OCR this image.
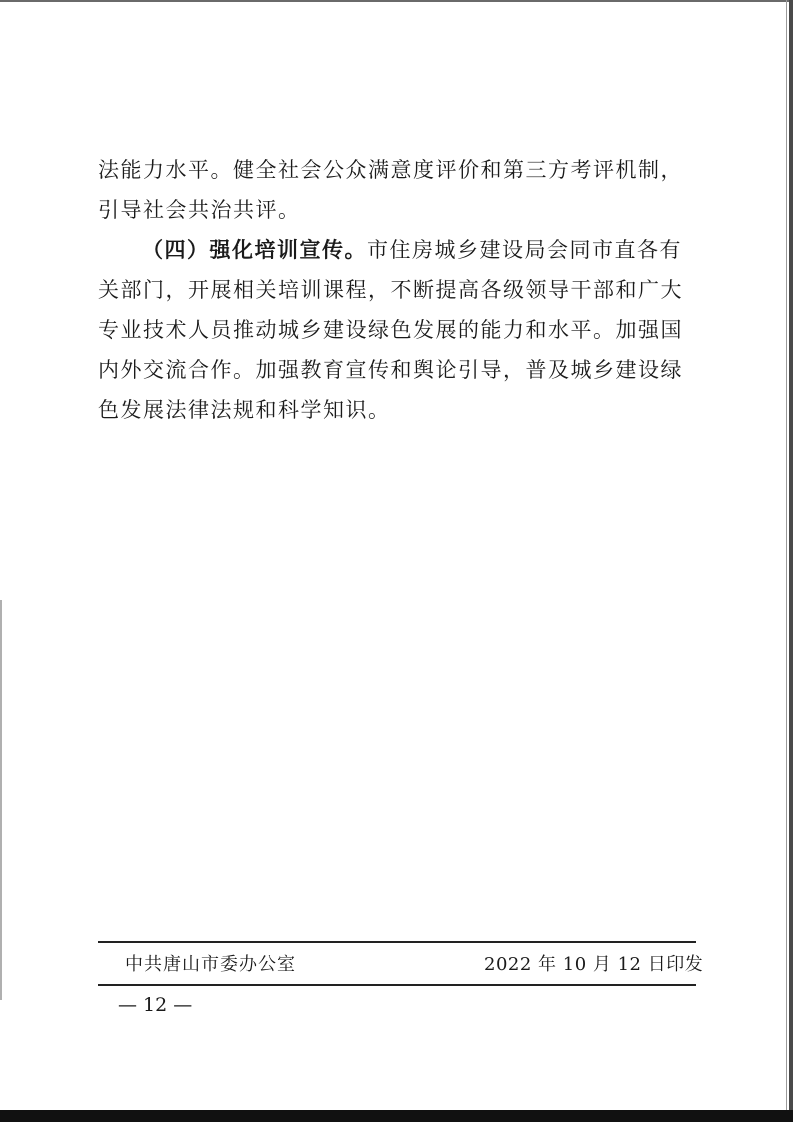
法能力水平。健全社会公众满意度评价和第三方考评机制，引导社会共治共评。

（四）强化培训宣传。市住房城乡建设局会同市直各有关部门，开展相关培训课程，不断提高各级领导干部和广大专业技术人员推动城乡建设绿色发展的能力和水平。加强国内外交流合作。加强教育宣传和舆论引导，普及城乡建设绿色发展法律法规和科学知识。

中共唐山市委办公室	2022 年 10 月 12 日印发
— 12 —
